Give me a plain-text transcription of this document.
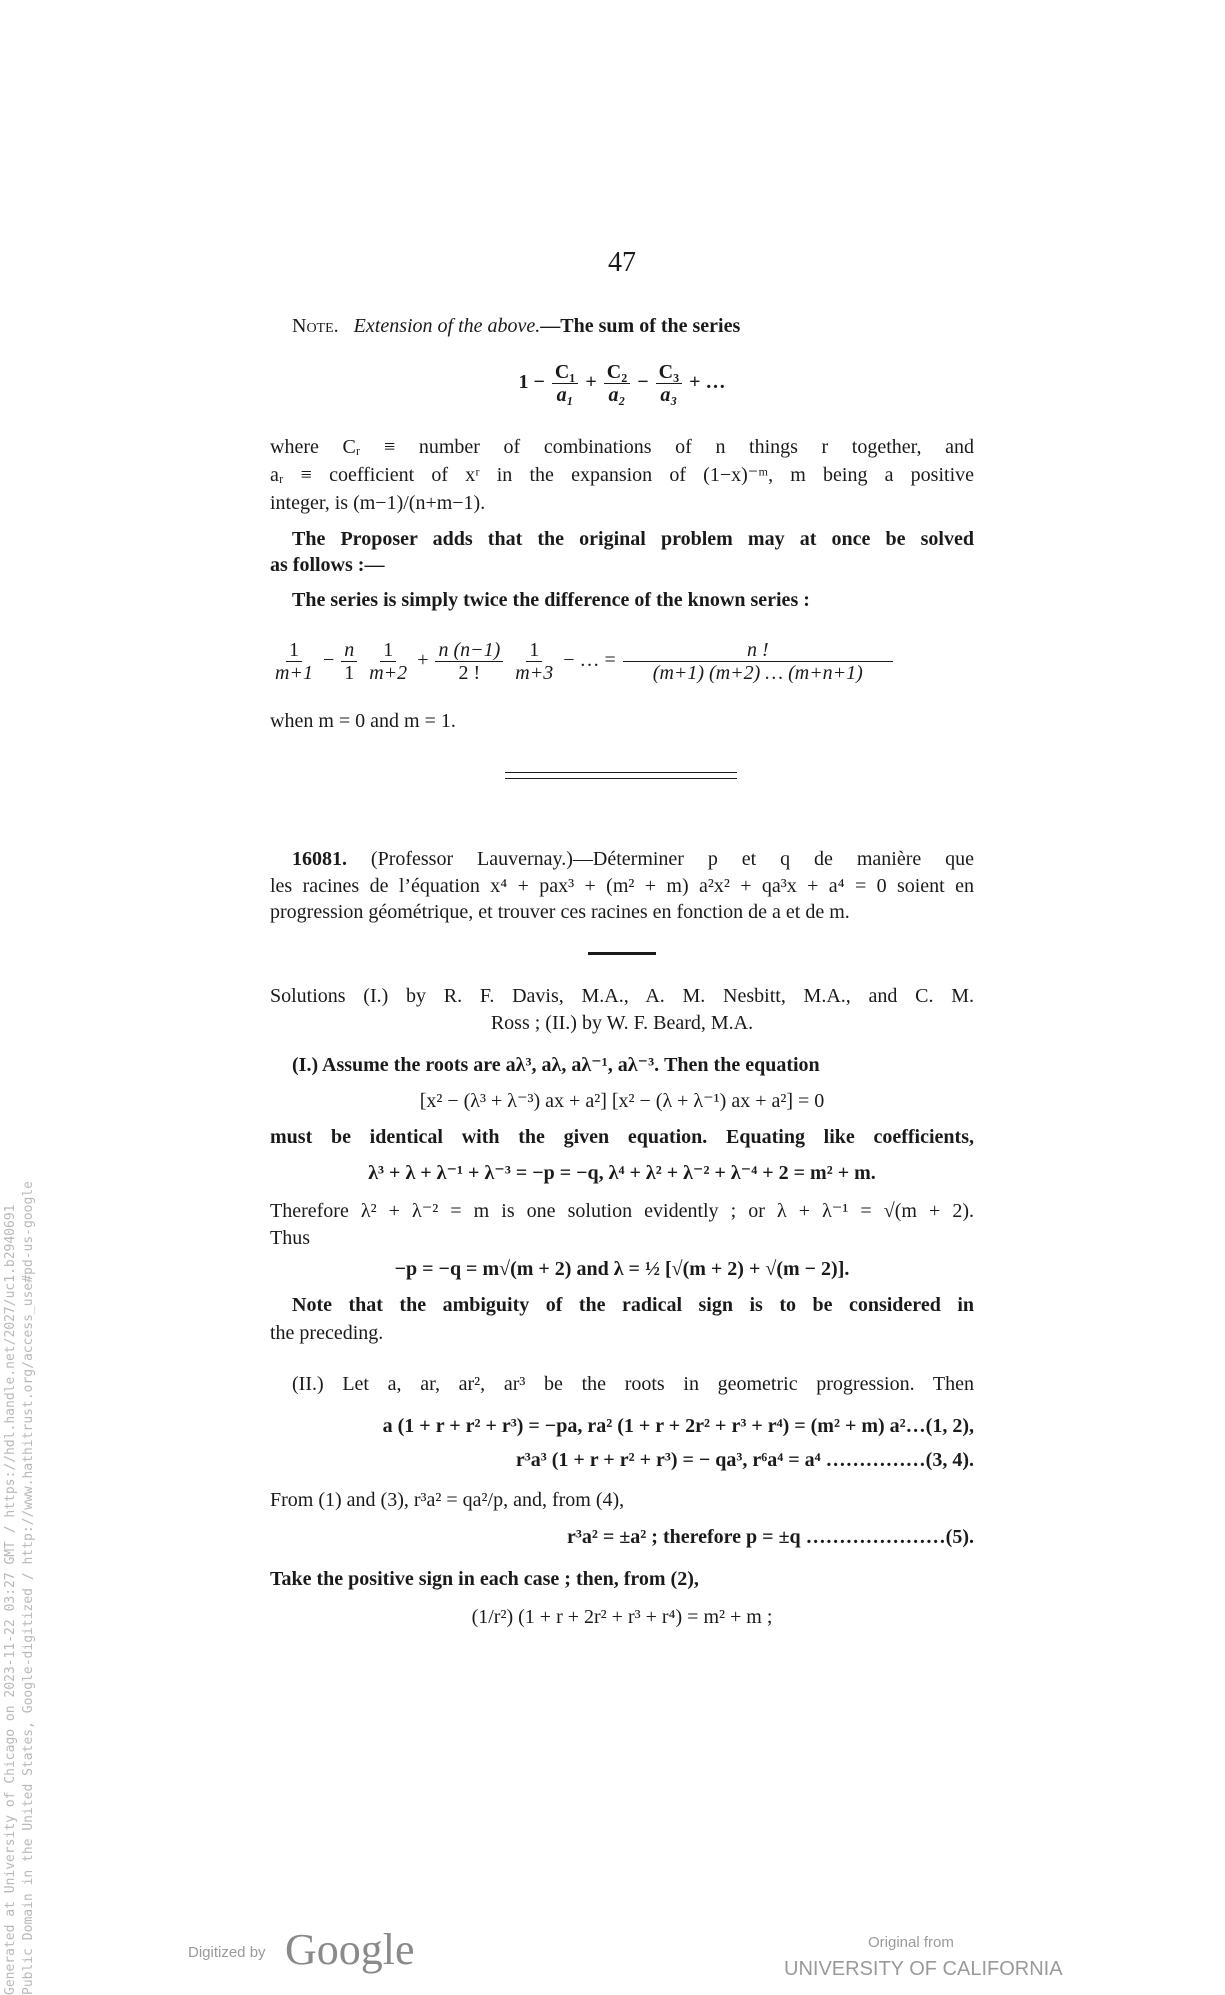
47
Note. Extension of the above.—The sum of the series
$1 - \frac{\text{C₁}}{\text{a₁}} + \frac{\text{C₂}}{\text{a₂}} - \frac{\text{C₃}}{\text{a₃}}$ + …
where Cᵣ ≡ number of combinations of n things r together, and
aᵣ ≡ coefficient of xʳ in the expansion of (1−x)⁻ᵐ, m being a positive
integer, is (m−1)/(n+m−1).
The Proposer adds that the original problem may at once be solved
as follows :—
The series is simply twice the difference of the known series :
$\frac{1}{m+1} - \frac{n}{1}$
$\frac{1}{m+2} + \frac{n (n-1)}{2 !}$
$\frac{1}{m+3}$ − … = $\frac{n !}{(m+1) (m+2) \dots (m+n+1)}$
when m = 0 and m = 1.
16081. (Professor Lauvernay.)—Déterminer p et q de manière que
les racines de l’équation x⁴ + pax³ + (m² + m) a²x² + qa³x + a⁴ = 0 soient en
progression géométrique, et trouver ces racines en fonction de a et de m.
Solutions (I.) by R. F. Davis, M.A., A. M. Nesbitt, M.A., and C. M.
Ross ; (II.) by W. F. Beard, M.A.
(I.) Assume the roots are aλ³, aλ, aλ⁻¹, aλ⁻³. Then the equation
[x² − (λ³ + λ⁻³) ax + a²] [x² − (λ + λ⁻¹) ax + a²] = 0
must be identical with the given equation. Equating like coefficients,
λ³ + λ + λ⁻¹ + λ⁻³ = −p = −q, λ⁴ + λ² + λ⁻² + λ⁻⁴ + 2 = m² + m.
Therefore λ² + λ⁻² = m is one solution evidently ; or λ + λ⁻¹ = √(m + 2).
Thus
−p = −q = m√(m + 2) and λ = ½ [√(m + 2) + √(m − 2)].
Note that the ambiguity of the radical sign is to be considered in
the preceding.
(II.) Let a, ar, ar², ar³ be the roots in geometric progression. Then
a (1 + r + r² + r³) = −pa, ra² (1 + r + 2r² + r³ + r⁴) = (m² + m) a²…(1, 2),
r³a³ (1 + r + r² + r³) = − qa³, r⁶a⁴ = a⁴ ……………(3, 4).
From (1) and (3), r³a² = qa²/p, and, from (4),
r³a² = ±a² ; therefore p = ±q …………………(5).
Take the positive sign in each case ; then, from (2),
(1/r²) (1 + r + 2r² + r³ + r⁴) = m² + m ;
Generated at University of Chicago on 2023-11-22 03:27 GMT / https://hdl.handle.net/2027/uc1.b2940691 Public Domain in the United States, Google-digitized / http://www.hathitrust.org/access_use#pd-us-google	Digitized by Google	Original from
UNIVERSITY OF CALIFORNIA
